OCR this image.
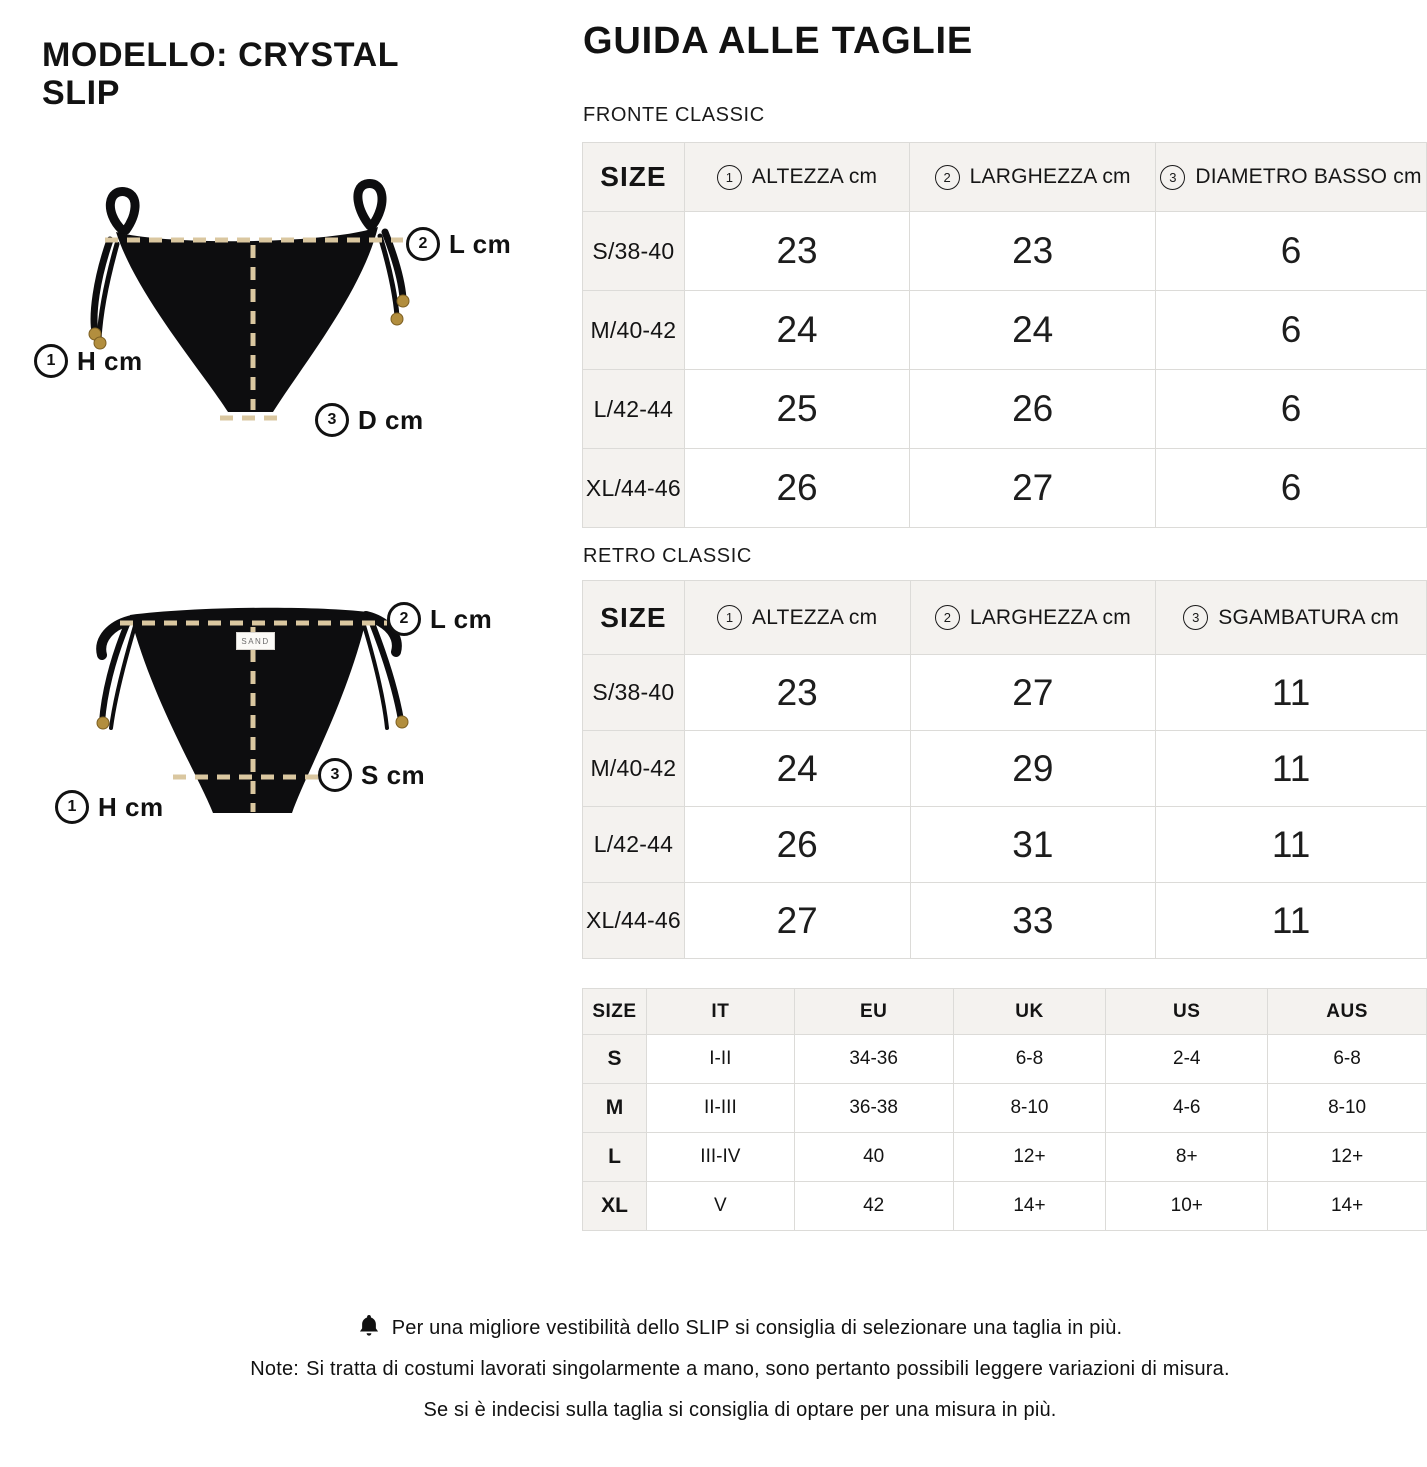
MODELLO: CRYSTAL
SLIP
1 H cm
2 L cm
3 D cm
SAND
1 H cm
2 L cm
3 S cm
GUIDA ALLE TAGLIE
FRONTE CLASSIC
SIZE	1 ALTEZZA cm	2 LARGHEZZA cm	3 DIAMETRO BASSO cm

S/38-40	23	23	6
M/40-42	24	24	6
L/42-44	25	26	6
XL/44-46	26	27	6
RETRO CLASSIC
SIZE	1 ALTEZZA cm	2 LARGHEZZA cm	3 SGAMBATURA cm

S/38-40	23	27	11
M/40-42	24	29	11
L/42-44	26	31	11
XL/44-46	27	33	11
SIZE	IT	EU	UK	US	AUS
S	I-II	34-36	6-8	2-4	6-8
M	II-III	36-38	8-10	4-6	8-10
L	III-IV	40	12+	8+	12+
XL	V	42	14+	10+	14+
Per una migliore vestibilità dello SLIP si consiglia di selezionare una taglia in più.
Note: Si tratta di costumi lavorati singolarmente a mano, sono pertanto possibili leggere variazioni di misura.
Se si è indecisi sulla taglia si consiglia di optare per una misura in più.
